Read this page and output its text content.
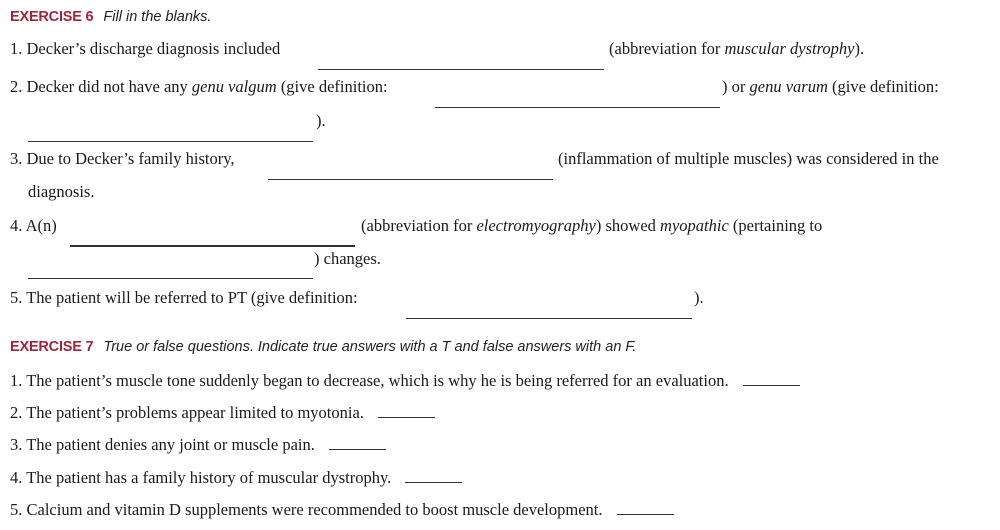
EXERCISE 6 Fill in the blanks.
1. Decker’s discharge diagnosis included	(abbreviation for muscular dystrophy).
2. Decker did not have any genu valgum (give definition:	) or genu varum (give definition:
).
3. Due to Decker’s family history,	(inflammation of multiple muscles) was considered in the
diagnosis.
4. A(n)	(abbreviation for electromyography) showed myopathic (pertaining to
) changes.
5. The patient will be referred to PT (give definition:	).
EXERCISE 7 True or false questions. Indicate true answers with a T and false answers with an F.
1. The patient’s muscle tone suddenly began to decrease, which is why he is being referred for an evaluation.
2. The patient’s problems appear limited to myotonia.
3. The patient denies any joint or muscle pain.
4. The patient has a family history of muscular dystrophy.
5. Calcium and vitamin D supplements were recommended to boost muscle development.
